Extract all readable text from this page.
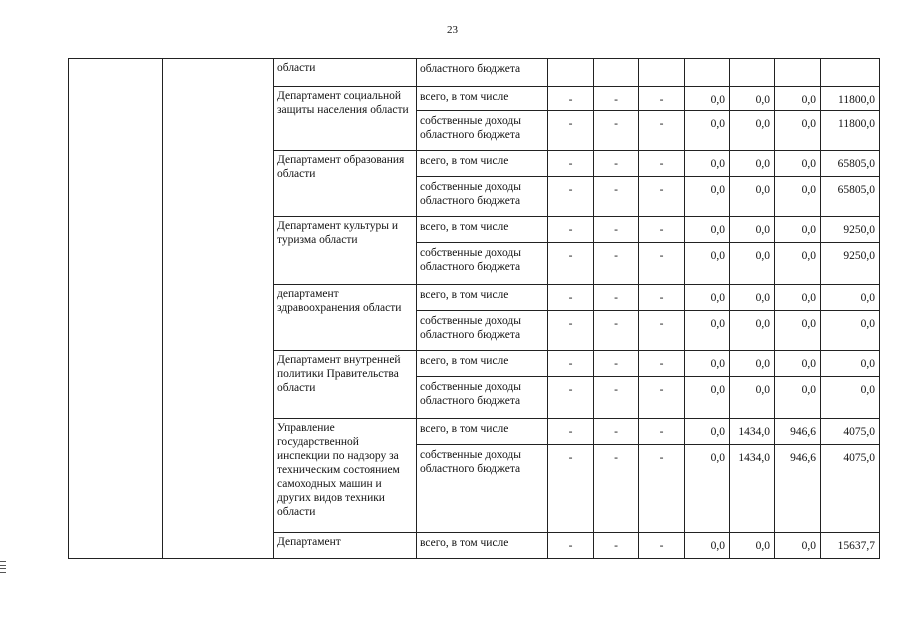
23
		области	областного бюджета							
		Департамент социальной защиты населения области	всего, в том числе	-	-	-	0,0	0,0	0,0	11800,0
			собственные доходы областного бюджета	-	-	-	0,0	0,0	0,0	11800,0
		Департамент образования области	всего, в том числе	-	-	-	0,0	0,0	0,0	65805,0
			собственные доходы областного бюджета	-	-	-	0,0	0,0	0,0	65805,0
		Департамент культуры и туризма области	всего, в том числе	-	-	-	0,0	0,0	0,0	9250,0
			собственные доходы областного бюджета	-	-	-	0,0	0,0	0,0	9250,0
		департамент здравоохранения области	всего, в том числе	-	-	-	0,0	0,0	0,0	0,0
			собственные доходы областного бюджета	-	-	-	0,0	0,0	0,0	0,0
		Департамент внутренней политики Правительства области	всего, в том числе	-	-	-	0,0	0,0	0,0	0,0
			собственные доходы областного бюджета	-	-	-	0,0	0,0	0,0	0,0
		Управление государственной инспекции по надзору за техническим состоянием самоходных машин и других видов техники области	всего, в том числе	-	-	-	0,0	1434,0	946,6	4075,0
			собственные доходы областного бюджета	-	-	-	0,0	1434,0	946,6	4075,0
		Департамент	всего, в том числе	-	-	-	0,0	0,0	0,0	15637,7
